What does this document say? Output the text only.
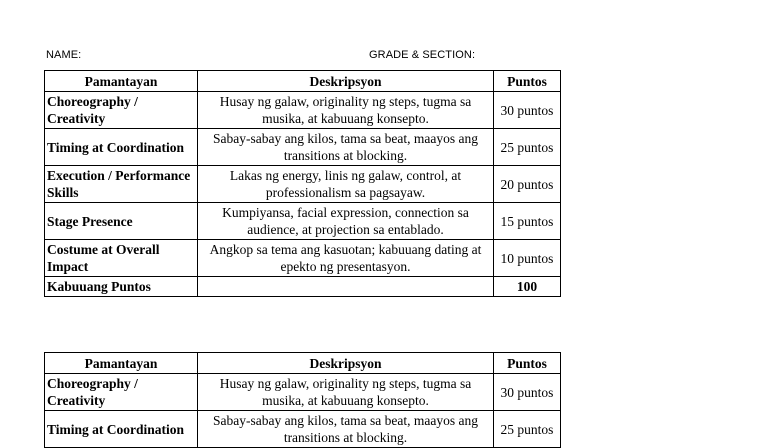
NAME:	GRADE & SECTION:
Pamantayan	Deskripsyon	Puntos
Choreography / Creativity	Husay ng galaw, originality ng steps, tugma sa musika, at kabuuang konsepto.	30 puntos
Timing at Coordination	Sabay-sabay ang kilos, tama sa beat, maayos ang transitions at blocking.	25 puntos
Execution / Performance Skills	Lakas ng energy, linis ng galaw, control, at professionalism sa pagsayaw.	20 puntos
Stage Presence	Kumpiyansa, facial expression, connection sa audience, at projection sa entablado.	15 puntos
Costume at Overall Impact	Angkop sa tema ang kasuotan; kabuuang dating at epekto ng presentasyon.	10 puntos
Kabuuang Puntos		100
Pamantayan	Deskripsyon	Puntos
Choreography / Creativity	Husay ng galaw, originality ng steps, tugma sa musika, at kabuuang konsepto.	30 puntos
Timing at Coordination	Sabay-sabay ang kilos, tama sa beat, maayos ang transitions at blocking.	25 puntos
